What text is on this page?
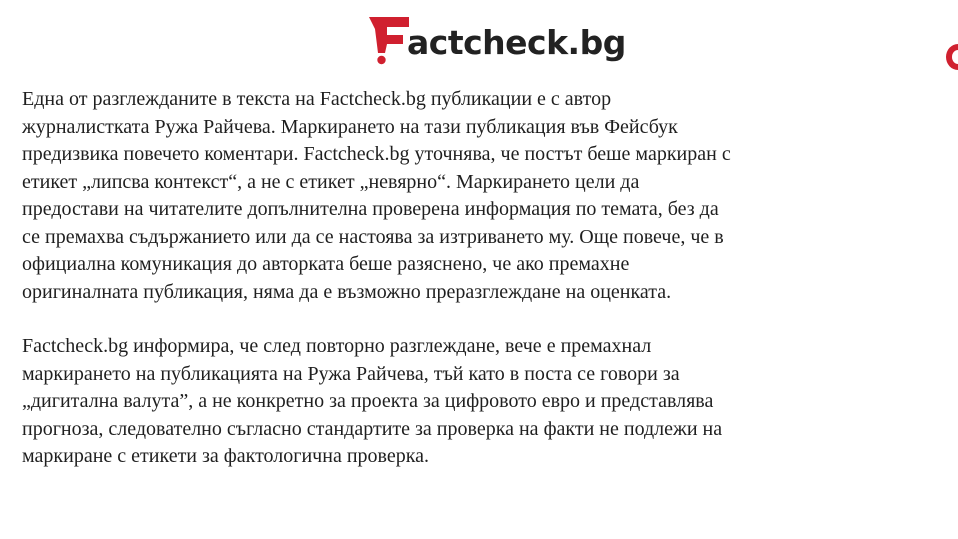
actcheck.bg

Една от разглежданите в текста на Factcheck.bg публикации е с автор
журналистката Ружа Райчева. Маркирането на тази публикация във Фейсбук
предизвика повечето коментари. Factcheck.bg уточнява, че постът беше маркиран с
етикет „липсва контекст“, а не с етикет „невярно“. Маркирането цели да
предостави на читателите допълнителна проверена информация по темата, без да
се премахва съдържанието или да се настоява за изтриването му. Още повече, че в
официална комуникация до авторката беше разяснено, че ако премахне
оригиналната публикация, няма да е възможно преразглеждане на оценката.

Factcheck.bg информира, че след повторно разглеждане, вече е премахнал
маркирането на публикацията на Ружа Райчева, тъй като в поста се говори за
„дигитална валута”, а не конкретно за проекта за цифровото евро и представлява
прогноза, следователно съгласно стандартите за проверка на факти не подлежи на
маркиране с етикети за фактологична проверка.
